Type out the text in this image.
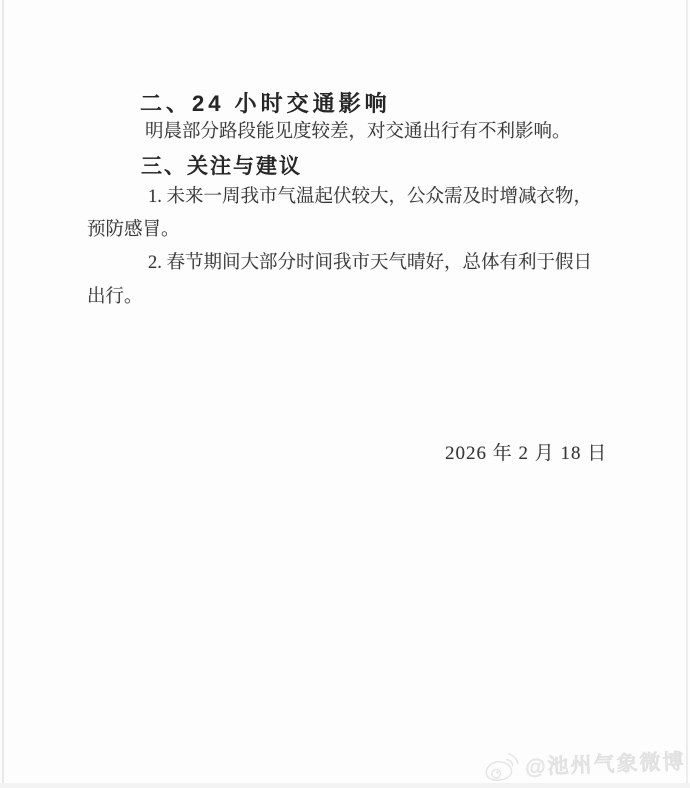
二、24 小时交通影响
明晨部分路段能见度较差，对交通出行有不利影响。
三、关注与建议
1. 未来一周我市气温起伏较大，公众需及时增减衣物，
预防感冒。
2. 春节期间大部分时间我市天气晴好，总体有利于假日
出行。
2026 年 2 月 18 日
@池州气象微博
